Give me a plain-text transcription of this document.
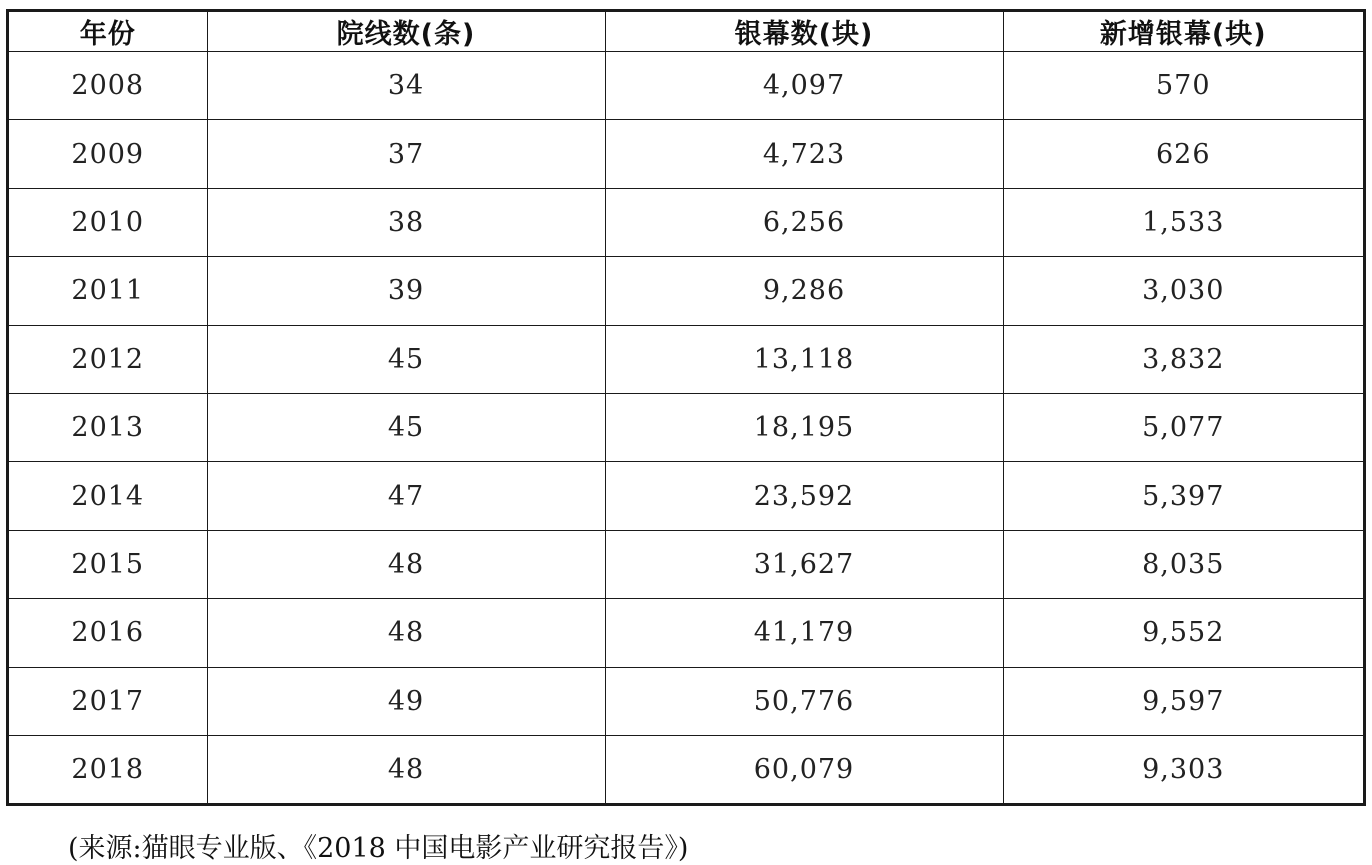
年份	院线数(条)	银幕数(块)	新增银幕(块)
2008	34	4,097	570
2009	37	4,723	626
2010	38	6,256	1,533
2011	39	9,286	3,030
2012	45	13,118	3,832
2013	45	18,195	5,077
2014	47	23,592	5,397
2015	48	31,627	8,035
2016	48	41,179	9,552
2017	49	50,776	9,597
2018	48	60,079	9,303
(来源:猫眼专业版、《2018 中国电影产业研究报告》)
